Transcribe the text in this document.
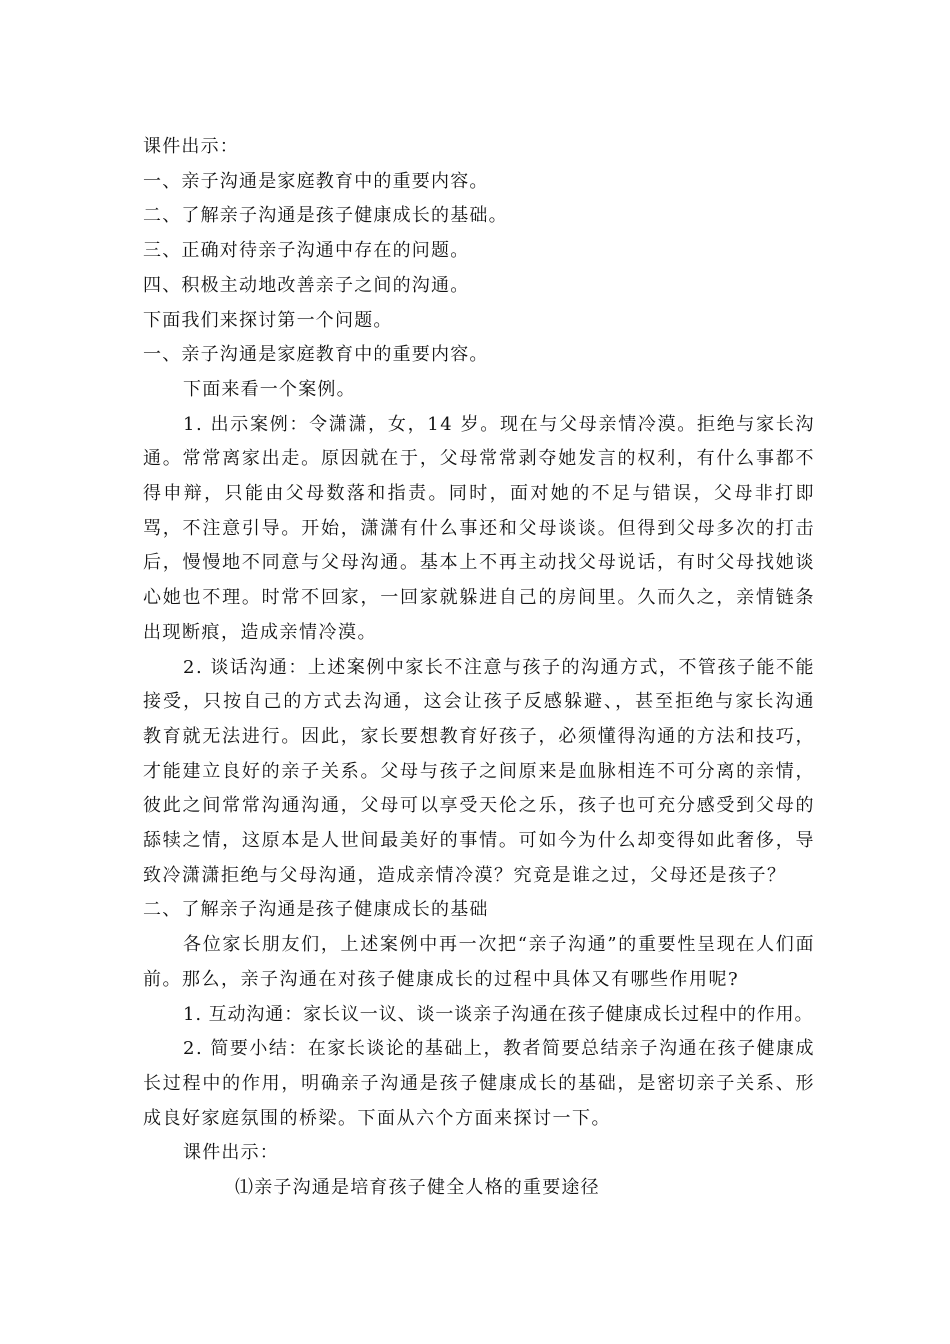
课件出示：
一、亲子沟通是家庭教育中的重要内容。
二、了解亲子沟通是孩子健康成长的基础。
三、正确对待亲子沟通中存在的问题。
四、积极主动地改善亲子之间的沟通。
下面我们来探讨第一个问题。
一、亲子沟通是家庭教育中的重要内容。
下面来看一个案例。

1. 出示案例：令潇潇，女，14 岁。现在与父母亲情冷漠。拒绝与家长沟通。常常离家出走。原因就在于，父母常常剥夺她发言的权利，有什么事都不得申辩，只能由父母数落和指责。同时，面对她的不足与错误，父母非打即骂，不注意引导。开始，潇潇有什么事还和父母谈谈。但得到父母多次的打击后，慢慢地不同意与父母沟通。基本上不再主动找父母说话，有时父母找她谈心她也不理。时常不回家，一回家就躲进自己的房间里。久而久之，亲情链条出现断痕，造成亲情冷漠。

2. 谈话沟通：上述案例中家长不注意与孩子的沟通方式，不管孩子能不能接受，只按自己的方式去沟通，这会让孩子反感躲避、，甚至拒绝与家长沟通教育就无法进行。因此，家长要想教育好孩子，必须懂得沟通的方法和技巧，才能建立良好的亲子关系。父母与孩子之间原来是血脉相连不可分离的亲情，彼此之间常常沟通沟通，父母可以享受天伦之乐，孩子也可充分感受到父母的舔犊之情，这原本是人世间最美好的事情。可如今为什么却变得如此奢侈，导致冷潇潇拒绝与父母沟通，造成亲情冷漠？究竟是谁之过，父母还是孩子？

二、了解亲子沟通是孩子健康成长的基础

各位家长朋友们，上述案例中再一次把“亲子沟通”的重要性呈现在人们面前。那么，亲子沟通在对孩子健康成长的过程中具体又有哪些作用呢?

1. 互动沟通：家长议一议、谈一谈亲子沟通在孩子健康成长过程中的作用。

2. 简要小结：在家长谈论的基础上，教者简要总结亲子沟通在孩子健康成长过程中的作用，明确亲子沟通是孩子健康成长的基础，是密切亲子关系、形成良好家庭氛围的桥梁。下面从六个方面来探讨一下。

课件出示：
⑴亲子沟通是培育孩子健全人格的重要途径
